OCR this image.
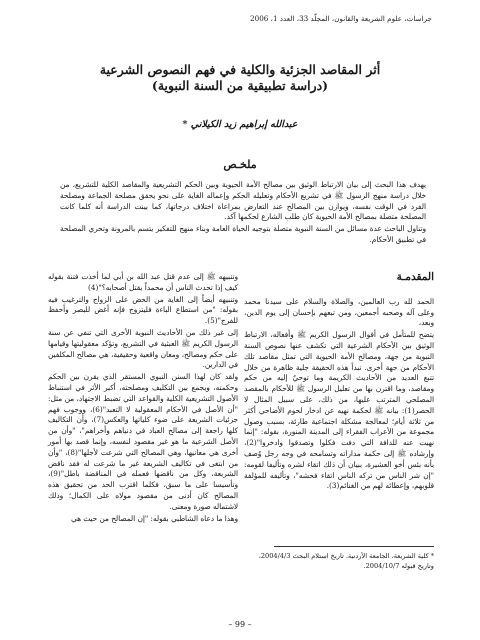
جراسات، علوم الشريعة والقانون، المجلّد 33، العدد 1، 2006
أثر المقاصد الجزئية والكلية في فهم النصوص الشرعية
(دراسة تطبيقية من السنة النبوية)
عبدالله إبراهيم زيد الكيلاني *
ملخـص

يهدف هذا البحث إلى بيان الارتباط الوثيق بين مصالح الأمة الحيوية وبين الحكم التشريعية والمقاصد الكلية للتشريع، من خلال دراسة منهج الرسول ﷺ في تشريع الأحكام وتعليله الحكم وإعماله الغاية على نحو يحقق مصلحة الجماعة ومصلحة الفرد في الوقت نفسه، ويوازن بين المصالح عند التعارض بمراعاة اختلاف درجاتها، كما بينت الدراسة أنه كلما كانت المصلحة متصلة بمصالح الأمة الحيوية كان طلب الشارع لحكمها آكد.

وتناول الباحث عدة مسائل من السنة النبوية متصلة بتوجيه الحياة العامة وبناء منهج للتفكير يتسم بالمرونة وتحري المصلحة في تطبيق الأحكام.

المقدمـة

الحمد لله رب العالمين، والصلاة والسلام على سيدنا محمد وعلى آله وصحبه أجمعين، ومن تبعهم بإحسان إلى يوم الدين، وبعد،

يتضح للمتأمل في أقوال الرسول الكريم ﷺ وأفعاله، الارتباط الوثيق بين الأحكام الشرعية التي تكشف عنها نصوص السنة النبوية من جهة، ومصالح الأمة الحيوية التي تمثل مقاصد تلك الأحكام من جهة أخرى. تبدأ هذه الحقيقة جلية ظاهرة من خلال تتبع العديد من الأحاديث الكريمة وما توحيٌ إليه من حكم ومقاصد، وما اقترن بها من تعليل الرسول ﷺ للأحكام بالمقصد المصلحي المترتب عليها، من ذلك، على سبيل المثال لا الحصر(1): بيانه ﷺ لحكمة نهيه عن ادخار لحوم الأضاحي أكثر من ثلاثة أيام؛ لمعالجة مشكلة اجتماعية طارئة، بسبب وصول مجموعة من الأعراب الفقراء إلى المدينة المنورة، بقوله: "إنما نهيت عنه للدافة التي دفت فكلوا وتصدقوا وادخروا"(2)، وإرشاده ﷺ إلى حكمة مداراته وتسامحه في وجه رجل وُصف بأنه بئس أخو العشيرة، ببيان أن ذلك اتقاء لشره وتأليفا لقومه: "إن شر الناس من تركه الناس اتقاء فحشه"، وتأليفه للمؤلفة قلوبهم، وإعطائه لهم من الغنائم(3).

وتنبيهه ﷺ إلى عدم قتل عبد الله بن أبي لما أخذت فتنة بقوله كيف إذا تحدث الناس أن محمداً يقتل أصحابه؟"(4)

وتنبيهه أيضاً إلى الغاية من الحض على الزواج والترغيب فيه بقوله: "من استطاع الباءة فليتزوج فإنه أغض للبصر وأحفظ للفرج"(5).

إلى غير ذلك من الأحاديث النبوية الأخرى التي تنفي عن سنة الرسول الكريم ﷺ العبثية في التشريع، وتؤكد معقوليتها وقيامها على حكم ومصالح، ومعان واقعية وحقيقية، هي مصالح المكلفين في الدارين.

ولقد كان لهذا السنن النبوي المستقر الذي يقرن بين الحكم وحكمته، ويجمع بين التكليف ومصلحته، أكبر الأثر في استنباط الأصول التشريعية الكلية والقواعد التي تضبط الاجتهاد، من مثل: "أن الأصل في الأحكام المعقولية لا التعبد"(6)، ووجوب فهم جزئيات الشريعة على ضوء كلياتها والعكس(7)، وأن التكاليف كلها راجعة إلى مصالح العباد في دنياهم وأخراهم"، "وأن من الأصل الشرعية ما هو غير مقصود لنفسه، وإنما قصد بها أمور أخرى هي معانيها، وهي المصالح التي شرعت لأجلها"(8)، "وأن من ابتغى في تكاليف الشريعة غير ما شرعت له فقد ناقض الشريعة، وكل من ناقضها فعمله في المناقضة باطل"(9)، وتأسيسا على ما سبق، فكلما اقترب الحد من تحقيق هذه المصالح كان أدنى من مقصود مولاه على الكمال؛ وذلك لاشتماله صورة ومعنى.

وهذا ما دعاه الشاطبي بقوله: "إن المصالح من حيث هي

* كلية الشريعة، الجامعة الأردنية. تاريخ استلام البحث 2004/4/3، وتاريخ قبوله 2004/10/7.
– 99 –
